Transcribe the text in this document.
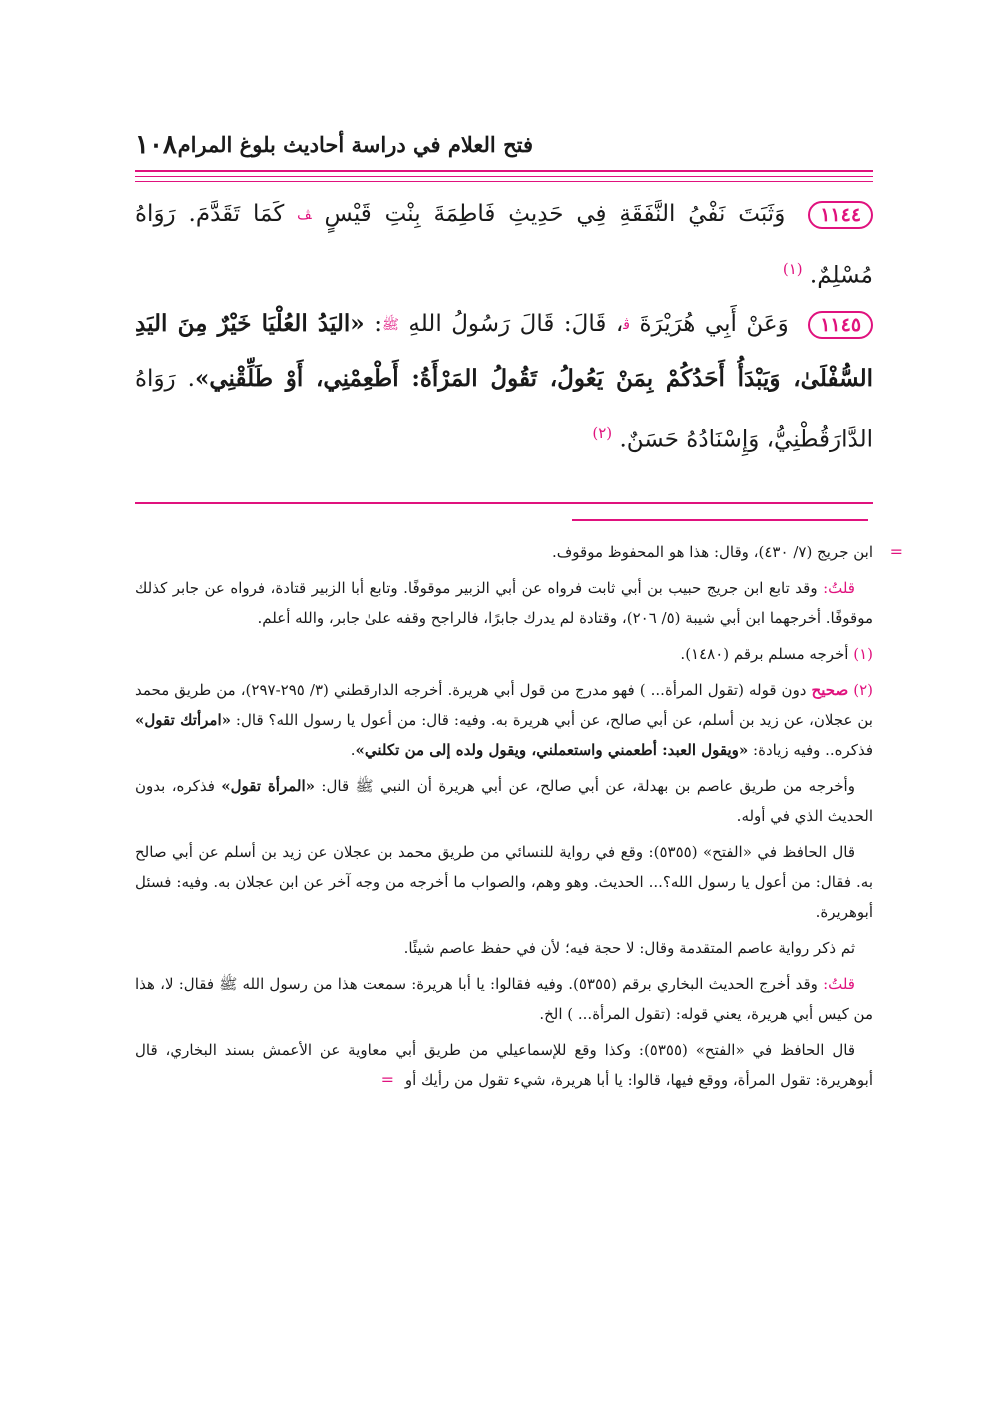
١٠٨ فتح العلام في دراسة أحاديث بلوغ المرام

١١٤٤ وَثَبَتَ نَفْيُ النَّفَقَةِ فِي حَدِيثِ فَاطِمَةَ بِنْتِ قَيْسٍ ﭫ كَمَا تَقَدَّمَ. رَوَاهُ مُسْلِمٌ. $^{(١)}$

١١٤٥ وَعَنْ أَبِي هُرَيْرَةَ ﭬ، قَالَ: قَالَ رَسُولُ اللهِ ﷺ: «اليَدُ العُلْيَا خَيْرٌ مِنَ اليَدِ السُّفْلَىٰ، وَيَبْدَأُ أَحَدُكُمْ بِمَنْ يَعُولُ، تَقُولُ المَرْأَةُ: أَطْعِمْنِي، أَوْ طَلِّقْنِي». رَوَاهُ الدَّارَقُطْنِيُّ، وَإِسْنَادُهُ حَسَنٌ. $^{(٢)}$

=
ابن جريج (٧/ ٤٣٠)، وقال: هذا هو المحفوظ موقوف.

قلتُ: وقد تابع ابن جريج حبيب بن أبي ثابت فرواه عن أبي الزبير موقوفًا. وتابع أبا الزبير قتادة، فرواه عن جابر كذلك موقوفًا. أخرجهما ابن أبي شيبة (٥/ ٢٠٦)، وقتادة لم يدرك جابرًا، فالراجح وقفه علىٰ جابر، والله أعلم.

(١) أخرجه مسلم برقم (١٤٨٠).

(٢) صحيح دون قوله (تقول المرأة... ) فهو مدرج من قول أبي هريرة. أخرجه الدارقطني (٣/ ٢٩٥-٢٩٧)، من طريق محمد بن عجلان، عن زيد بن أسلم، عن أبي صالح، عن أبي هريرة به. وفيه: قال: من أعول يا رسول الله؟ قال: «امرأتك تقول» فذكره.. وفيه زيادة: «ويقول العبد: أطعمني واستعملني، ويقول ولده إلى من تكلني».

وأخرجه من طريق عاصم بن بهدلة، عن أبي صالح، عن أبي هريرة أن النبي ﷺ قال: «المرأة تقول» فذكره، بدون الحديث الذي في أوله.

قال الحافظ في «الفتح» (٥٣٥٥): وقع في رواية للنسائي من طريق محمد بن عجلان عن زيد بن أسلم عن أبي صالح به. فقال: من أعول يا رسول الله؟... الحديث. وهو وهم، والصواب ما أخرجه من وجه آخر عن ابن عجلان به. وفيه: فسئل أبوهريرة.

ثم ذكر رواية عاصم المتقدمة وقال: لا حجة فيه؛ لأن في حفظ عاصم شيئًا.

قلتُ: وقد أخرج الحديث البخاري برقم (٥٣٥٥). وفيه فقالوا: يا أبا هريرة: سمعت هذا من رسول الله ﷺ فقال: لا، هذا من كيس أبي هريرة، يعني قوله: (تقول المرأة... ) الخ.

قال الحافظ في «الفتح» (٥٣٥٥): وكذا وقع للإسماعيلي من طريق أبي معاوية عن الأعمش بسند البخاري، قال أبوهريرة: تقول المرأة، ووقع فيها، قالوا: يا أبا هريرة، شيء تقول من رأيك أو =
